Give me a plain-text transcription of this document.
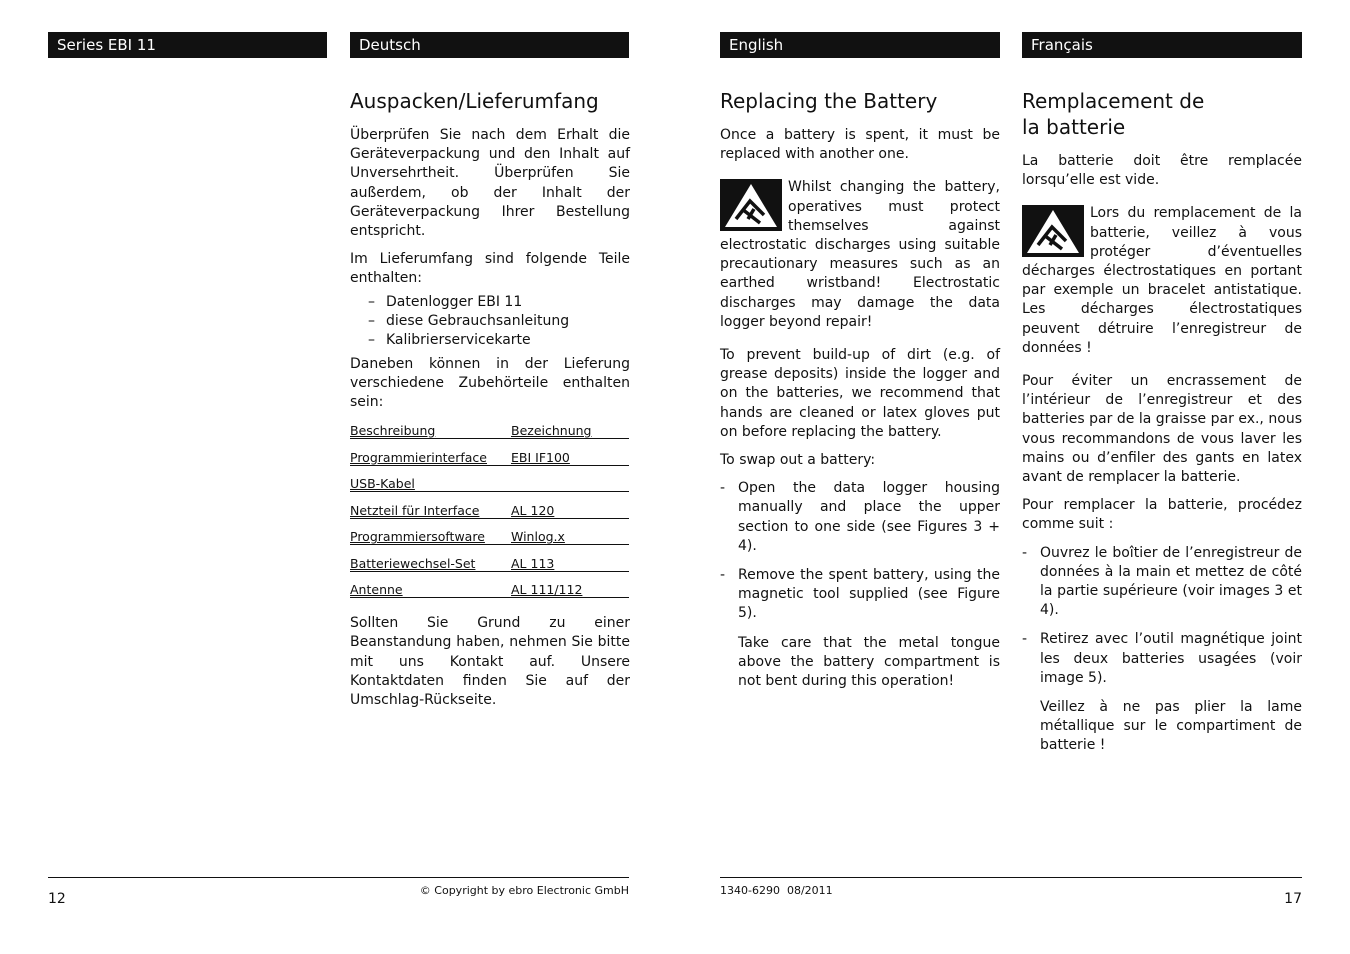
Series EBI 11	Deutsch	English	Français
Auspacken/Lieferumfang

Überprüfen Sie nach dem Erhalt die Geräteverpackung und den Inhalt auf Unversehrtheit. Überprüfen Sie außerdem, ob der Inhalt der Geräteverpackung Ihrer Bestellung entspricht.

Im Lieferumfang sind folgende Teile enthalten:

– Datenlogger EBI 11
– diese Gebrauchsanleitung
– Kalibrierservicekarte

Daneben können in der Lieferung verschiedene Zubehörteile enthalten sein:

Beschreibung	Bezeichnung
Programmierinterface	EBI IF100
USB-Kabel	
Netzteil für Interface	AL 120
Programmiersoftware	Winlog.x
Batteriewechsel-Set	AL 113
Antenne	AL 111/112

Sollten Sie Grund zu einer Beanstandung haben, nehmen Sie bitte mit uns Kontakt auf. Unsere Kontaktdaten finden Sie auf der Umschlag-Rückseite.

Replacing the Battery

Once a battery is spent, it must be replaced with another one.

Whilst changing the battery, operatives must protect themselves against electrostatic discharges using suitable precautionary measures such as an earthed wristband! Electrostatic discharges may damage the data logger beyond repair!

To prevent build-up of dirt (e.g. of grease deposits) inside the logger and on the batteries, we recommend that hands are cleaned or latex gloves put on before replacing the battery.

To swap out a battery:

- Open the data logger housing manually and place the upper section to one side (see Figures 3 + 4).
- Remove the spent battery, using the magnetic tool supplied (see Figure 5).

Take care that the metal tongue above the battery compartment is not bent during this operation!

Remplacement de
la batterie

La batterie doit être remplacée lorsqu’elle est vide.

Lors du remplacement de la batterie, veillez à vous protéger d’éventuelles décharges électrostatiques en portant par exemple un bracelet antistatique. Les décharges électrostatiques peuvent détruire l’enregistreur de données !

Pour éviter un encrassement de l’intérieur de l’enregistreur et des batteries par de la graisse par ex., nous vous recommandons de vous laver les mains ou d’enfiler des gants en latex avant de remplacer la batterie.

Pour remplacer la batterie, procédez comme suit :

- Ouvrez le boîtier de l’enregistreur de données à la main et mettez de côté la partie supérieure (voir images 3 et 4).
- Retirez avec l’outil magnétique joint les deux batteries usagées (voir image 5).

Veillez à ne pas plier la lame métallique sur le compartiment de batterie !

12
© Copyright by ebro Electronic GmbH	1340-6290  08/2011
17
